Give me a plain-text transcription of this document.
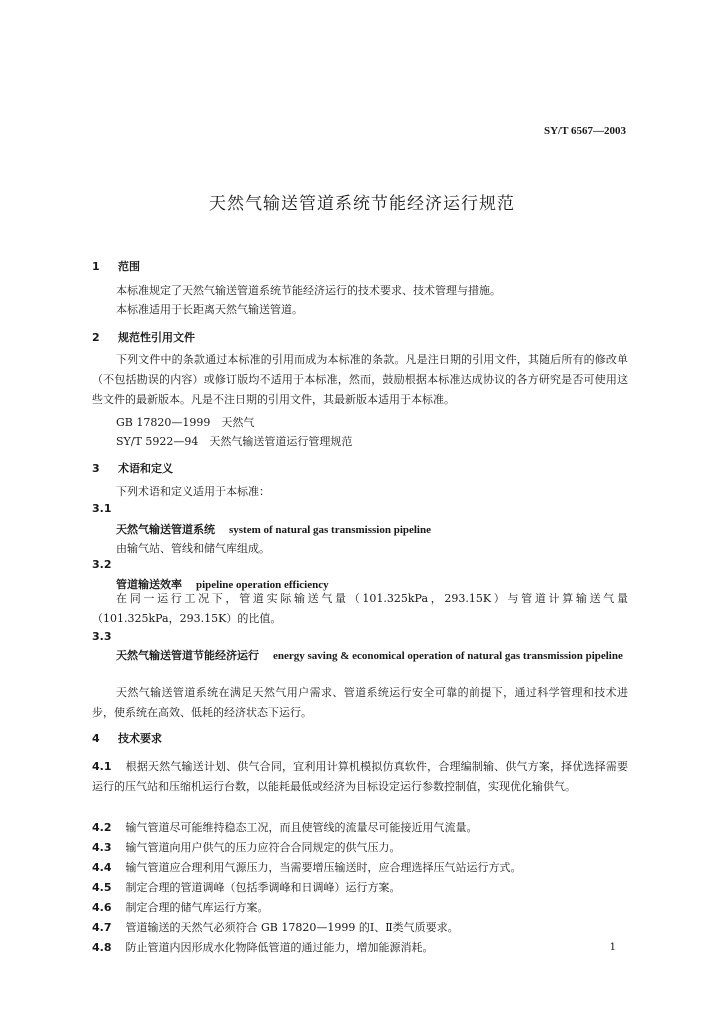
SY/T 6567—2003
天然气输送管道系统节能经济运行规范
1 范围
本标准规定了天然气输送管道系统节能经济运行的技术要求、技术管理与措施。
本标准适用于长距离天然气输送管道。
2 规范性引用文件
下列文件中的条款通过本标准的引用而成为本标准的条款。凡是注日期的引用文件，其随后所有的修改单（不包括勘误的内容）或修订版均不适用于本标准，然而，鼓励根据本标准达成协议的各方研究是否可使用这些文件的最新版本。凡是不注日期的引用文件，其最新版本适用于本标准。
GB 17820—1999　天然气
SY/T 5922—94　天然气输送管道运行管理规范
3 术语和定义
下列术语和定义适用于本标准：
3.1
天然气输送管道系统 system of natural gas transmission pipeline
由输气站、管线和储气库组成。
3.2
管道输送效率 pipeline operation efficiency
在同一运行工况下，管道实际输送气量（101.325kPa，293.15K）与管道计算输送气量（101.325kPa，293.15K）的比值。
3.3
天然气输送管道节能经济运行 energy saving & economical operation of natural gas transmission pipeline
天然气输送管道系统在满足天然气用户需求、管道系统运行安全可靠的前提下，通过科学管理和技术进步，使系统在高效、低耗的经济状态下运行。
4 技术要求
4.1 根据天然气输送计划、供气合同，宜利用计算机模拟仿真软件，合理编制输、供气方案，择优选择需要运行的压气站和压缩机运行台数，以能耗最低或经济为目标设定运行参数控制值，实现优化输供气。
4.2 输气管道尽可能维持稳态工况，而且使管线的流量尽可能接近用气流量。
4.3 输气管道向用户供气的压力应符合合同规定的供气压力。
4.4 输气管道应合理利用气源压力，当需要增压输送时，应合理选择压气站运行方式。
4.5 制定合理的管道调峰（包括季调峰和日调峰）运行方案。
4.6 制定合理的储气库运行方案。
4.7 管道输送的天然气必须符合 GB 17820—1999 的Ⅰ、Ⅱ类气质要求。
4.8 防止管道内因形成水化物降低管道的通过能力，增加能源消耗。	1
